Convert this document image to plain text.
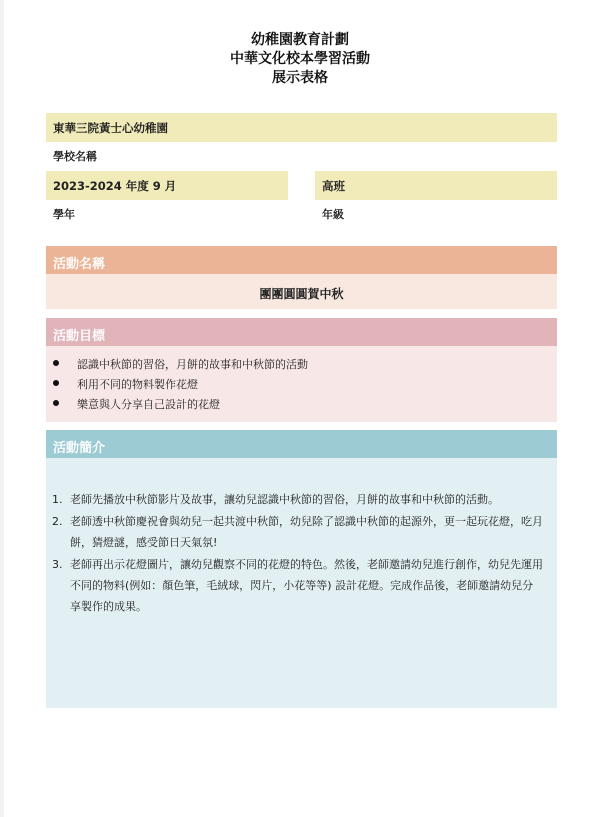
幼稚園教育計劃
中華文化校本學習活動
展示表格
東華三院黃士心幼稚園
學校名稱
2023-2024 年度 9 月
學年
高班
年級
活動名稱
團團圓圓賀中秋
活動目標
認識中秋節的習俗，月餅的故事和中秋節的活動
利用不同的物料製作花燈
樂意與人分享自己設計的花燈
活動簡介
1. 老師先播放中秋節影片及故事，讓幼兒認識中秋節的習俗，月餅的故事和中秋節的活動。
2. 老師透中秋節慶祝會與幼兒一起共渡中秋節，幼兒除了認識中秋節的起源外，更一起玩花燈，吃月餅，猜燈謎，感受節日天氣氛!
3. 老師再出示花燈圖片，讓幼兒觀察不同的花燈的特色。然後，老師邀請幼兒進行創作，幼兒先運用不同的物料(例如：顏色筆，毛絨球，閃片，小花等等) 設計花燈。完成作品後，老師邀請幼兒分享製作的成果。
